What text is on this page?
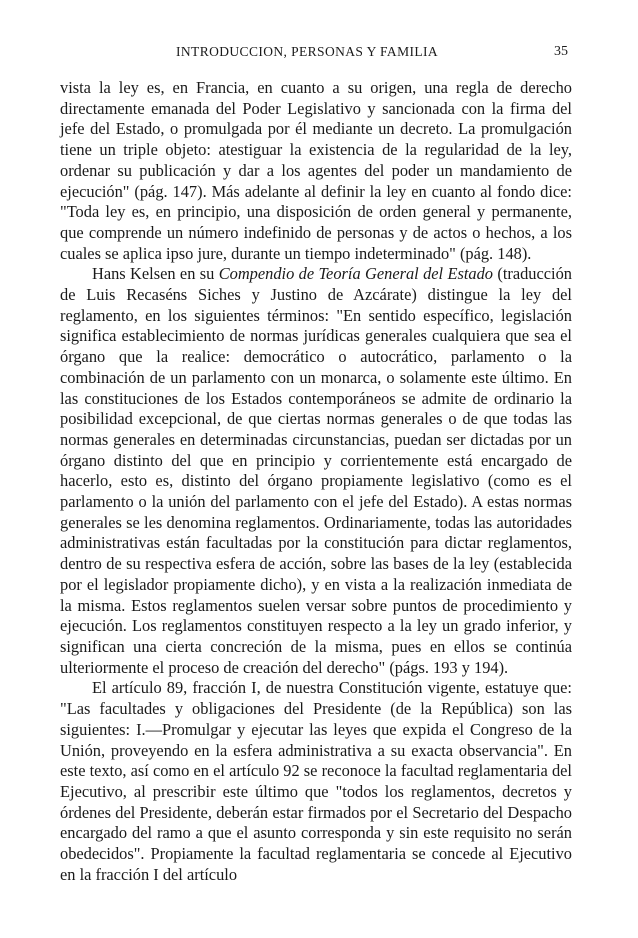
INTRODUCCION, PERSONAS Y FAMILIA	35

vista la ley es, en Francia, en cuanto a su origen, una regla de derecho directamente emanada del Poder Legislativo y sancionada con la firma del jefe del Estado, o promulgada por él mediante un decreto. La promulgación tiene un triple objeto: atestiguar la existencia de la regularidad de la ley, ordenar su publicación y dar a los agentes del poder un mandamiento de ejecución" (pág. 147). Más adelante al definir la ley en cuanto al fondo dice: "Toda ley es, en principio, una disposición de orden general y permanente, que comprende un número indefinido de personas y de actos o hechos, a los cuales se aplica ipso jure, durante un tiempo indeterminado" (pág. 148).

Hans Kelsen en su Compendio de Teoría General del Estado (traducción de Luis Recaséns Siches y Justino de Azcárate) distingue la ley del reglamento, en los siguientes términos: "En sentido específico, legislación significa establecimiento de normas jurídicas generales cualquiera que sea el órgano que la realice: democrático o autocrático, parlamento o la combinación de un parlamento con un monarca, o solamente este último. En las constituciones de los Estados contemporáneos se admite de ordinario la posibilidad excepcional, de que ciertas normas generales o de que todas las normas generales en determinadas circunstancias, puedan ser dictadas por un órgano distinto del que en principio y corrientemente está encargado de hacerlo, esto es, distinto del órgano propiamente legislativo (como es el parlamento o la unión del parlamento con el jefe del Estado). A estas normas generales se les denomina reglamentos. Ordinariamente, todas las autoridades administrativas están facultadas por la constitución para dictar reglamentos, dentro de su respectiva esfera de acción, sobre las bases de la ley (establecida por el legislador propiamente dicho), y en vista a la realización inmediata de la misma. Estos reglamentos suelen versar sobre puntos de procedimiento y ejecución. Los reglamentos constituyen respecto a la ley un grado inferior, y significan una cierta concreción de la misma, pues en ellos se continúa ulteriormente el proceso de creación del derecho" (págs. 193 y 194).

El artículo 89, fracción I, de nuestra Constitución vigente, estatuye que: "Las facultades y obligaciones del Presidente (de la República) son las siguientes: I.—Promulgar y ejecutar las leyes que expida el Congreso de la Unión, proveyendo en la esfera administrativa a su exacta observancia". En este texto, así como en el artículo 92 se reconoce la facultad reglamentaria del Ejecutivo, al prescribir este último que "todos los reglamentos, decretos y órdenes del Presidente, deberán estar firmados por el Secretario del Despacho encargado del ramo a que el asunto corresponda y sin este requisito no serán obedecidos". Propiamente la facultad reglamentaria se concede al Ejecutivo en la fracción I del artículo
